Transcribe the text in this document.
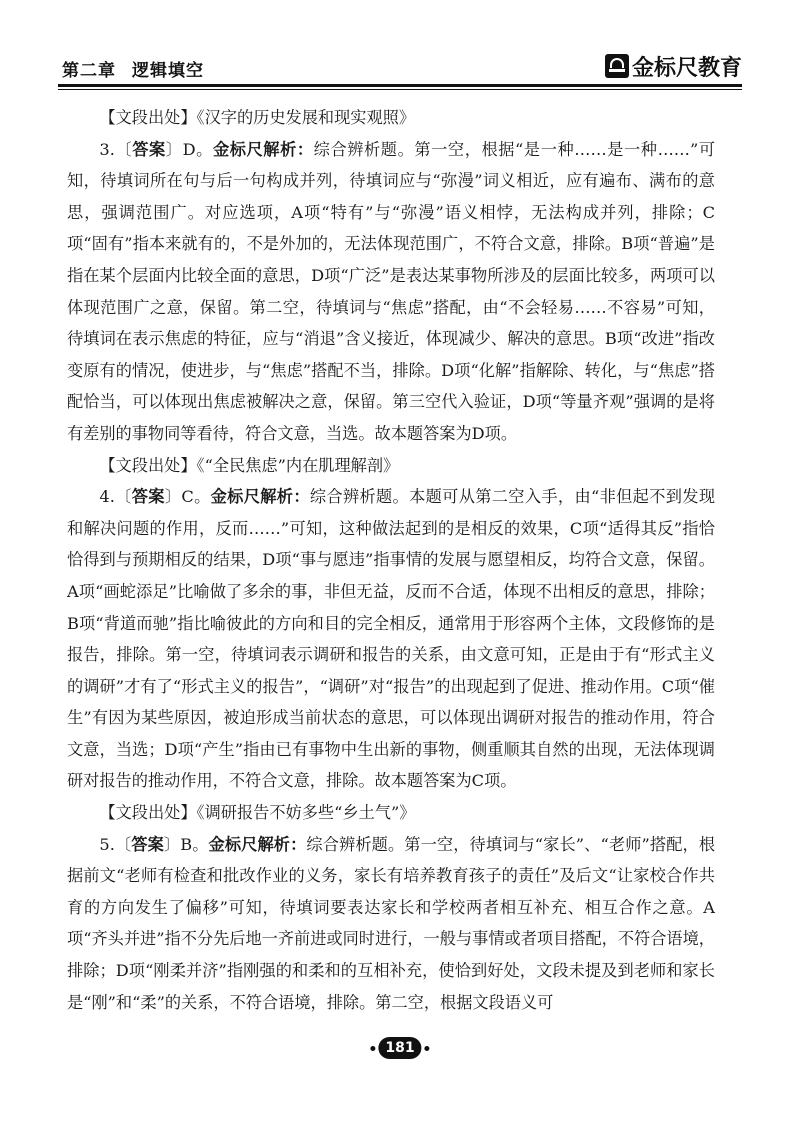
第二章 逻辑填空	金标尺教育

【文段出处】《汉字的历史发展和现实观照》

3.〔答案〕D。金标尺解析：综合辨析题。第一空，根据“是一种……是一种……”可知，待填词所在句与后一句构成并列，待填词应与“弥漫”词义相近，应有遍布、满布的意思，强调范围广。对应选项，A项“特有”与“弥漫”语义相悖，无法构成并列，排除；C项“固有”指本来就有的，不是外加的，无法体现范围广，不符合文意，排除。B项“普遍”是指在某个层面内比较全面的意思，D项“广泛”是表达某事物所涉及的层面比较多，两项可以体现范围广之意，保留。第二空，待填词与“焦虑”搭配，由“不会轻易……不容易”可知，待填词在表示焦虑的特征，应与“消退”含义接近，体现减少、解决的意思。B项“改进”指改变原有的情况，使进步，与“焦虑”搭配不当，排除。D项“化解”指解除、转化，与“焦虑”搭配恰当，可以体现出焦虑被解决之意，保留。第三空代入验证，D项“等量齐观”强调的是将有差别的事物同等看待，符合文意，当选。故本题答案为D项。

【文段出处】《“全民焦虑”内在肌理解剖》

4.〔答案〕C。金标尺解析：综合辨析题。本题可从第二空入手，由“非但起不到发现和解决问题的作用，反而……”可知，这种做法起到的是相反的效果，C项“适得其反”指恰恰得到与预期相反的结果，D项“事与愿违”指事情的发展与愿望相反，均符合文意，保留。A项“画蛇添足”比喻做了多余的事，非但无益，反而不合适，体现不出相反的意思，排除；B项“背道而驰”指比喻彼此的方向和目的完全相反，通常用于形容两个主体，文段修饰的是报告，排除。第一空，待填词表示调研和报告的关系，由文意可知，正是由于有“形式主义的调研”才有了“形式主义的报告”，“调研”对“报告”的出现起到了促进、推动作用。C项“催生”有因为某些原因，被迫形成当前状态的意思，可以体现出调研对报告的推动作用，符合文意，当选；D项“产生”指由已有事物中生出新的事物，侧重顺其自然的出现，无法体现调研对报告的推动作用，不符合文意，排除。故本题答案为C项。

【文段出处】《调研报告不妨多些“乡土气”》

5.〔答案〕B。金标尺解析：综合辨析题。第一空，待填词与“家长”、“老师”搭配，根据前文“老师有检查和批改作业的义务，家长有培养教育孩子的责任”及后文“让家校合作共育的方向发生了偏移”可知，待填词要表达家长和学校两者相互补充、相互合作之意。A项“齐头并进”指不分先后地一齐前进或同时进行，一般与事情或者项目搭配，不符合语境，排除；D项“刚柔并济”指刚强的和柔和的互相补充，使恰到好处，文段未提及到老师和家长是“刚”和“柔”的关系，不符合语境，排除。第二空，根据文段语义可

181
